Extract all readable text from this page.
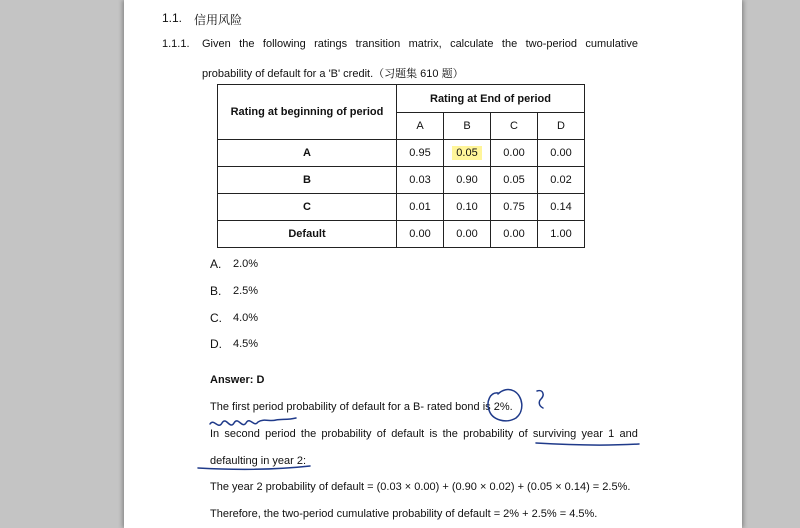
1.1. 信用风险
1.1.1. Given the following ratings transition matrix, calculate the two-period cumulative
probability of default for a 'B' credit.（习题集 610 题）
Rating at beginning of period	Rating at End of period			
	A	B	C	D
A	0.95	0.05	0.00	0.00
B	0.03	0.90	0.05	0.02
C	0.01	0.10	0.75	0.14
Default	0.00	0.00	0.00	1.00
A. 2.0%
B. 2.5%
C. 4.0%
D. 4.5%
Answer: D
The first period probability of default for a B- rated bond is 2%.
In second period the probability of default is the probability of surviving year 1 and
defaulting in year 2:
The year 2 probability of default = (0.03 × 0.00) + (0.90 × 0.02) + (0.05 × 0.14) = 2.5%.
Therefore, the two-period cumulative probability of default = 2% + 2.5% = 4.5%.
